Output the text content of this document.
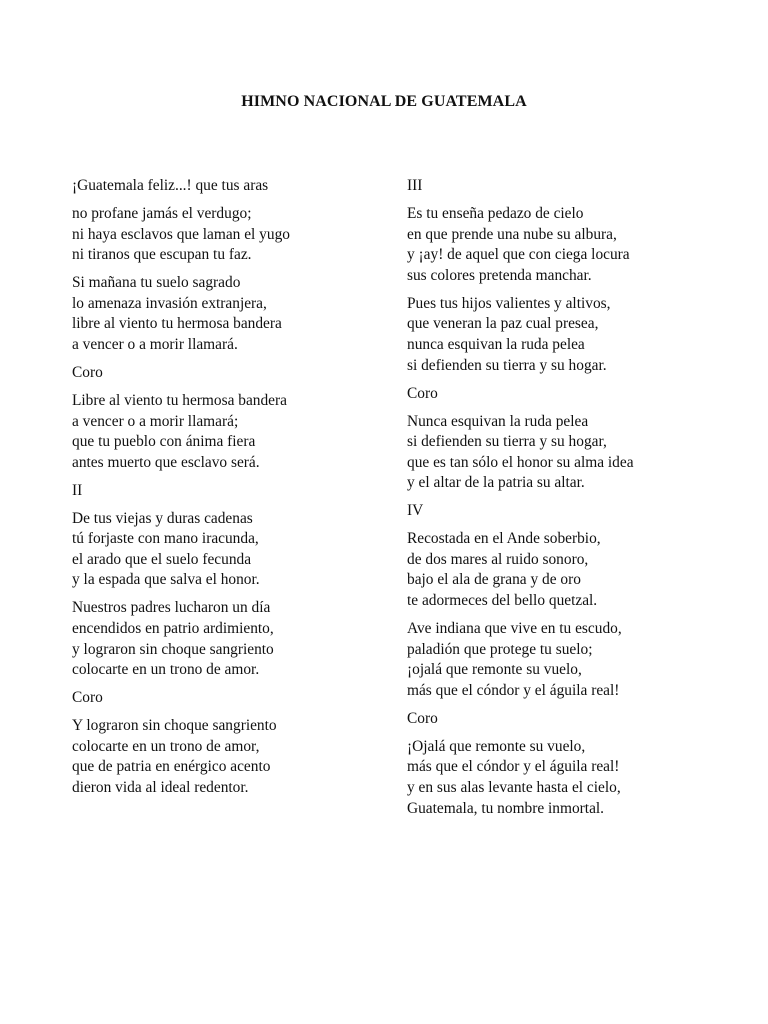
HIMNO NACIONAL DE GUATEMALA
¡Guatemala feliz...! que tus aras
no profane jamás el verdugo;
ni haya esclavos que laman el yugo
ni tiranos que escupan tu faz.
Si mañana tu suelo sagrado
lo amenaza invasión extranjera,
libre al viento tu hermosa bandera
a vencer o a morir llamará.
Coro
Libre al viento tu hermosa bandera
a vencer o a morir llamará;
que tu pueblo con ánima fiera
antes muerto que esclavo será.
II
De tus viejas y duras cadenas
tú forjaste con mano iracunda,
el arado que el suelo fecunda
y la espada que salva el honor.
Nuestros padres lucharon un día
encendidos en patrio ardimiento,
y lograron sin choque sangriento
colocarte en un trono de amor.
Coro
Y lograron sin choque sangriento
colocarte en un trono de amor,
que de patria en enérgico acento
dieron vida al ideal redentor.
III
Es tu enseña pedazo de cielo
en que prende una nube su albura,
y ¡ay! de aquel que con ciega locura
sus colores pretenda manchar.
Pues tus hijos valientes y altivos,
que veneran la paz cual presea,
nunca esquivan la ruda pelea
si defienden su tierra y su hogar.
Coro
Nunca esquivan la ruda pelea
si defienden su tierra y su hogar,
que es tan sólo el honor su alma idea
y el altar de la patria su altar.
IV
Recostada en el Ande soberbio,
de dos mares al ruido sonoro,
bajo el ala de grana y de oro
te adormeces del bello quetzal.
Ave indiana que vive en tu escudo,
paladión que protege tu suelo;
¡ojalá que remonte su vuelo,
más que el cóndor y el águila real!
Coro
¡Ojalá que remonte su vuelo,
más que el cóndor y el águila real!
y en sus alas levante hasta el cielo,
Guatemala, tu nombre inmortal.
